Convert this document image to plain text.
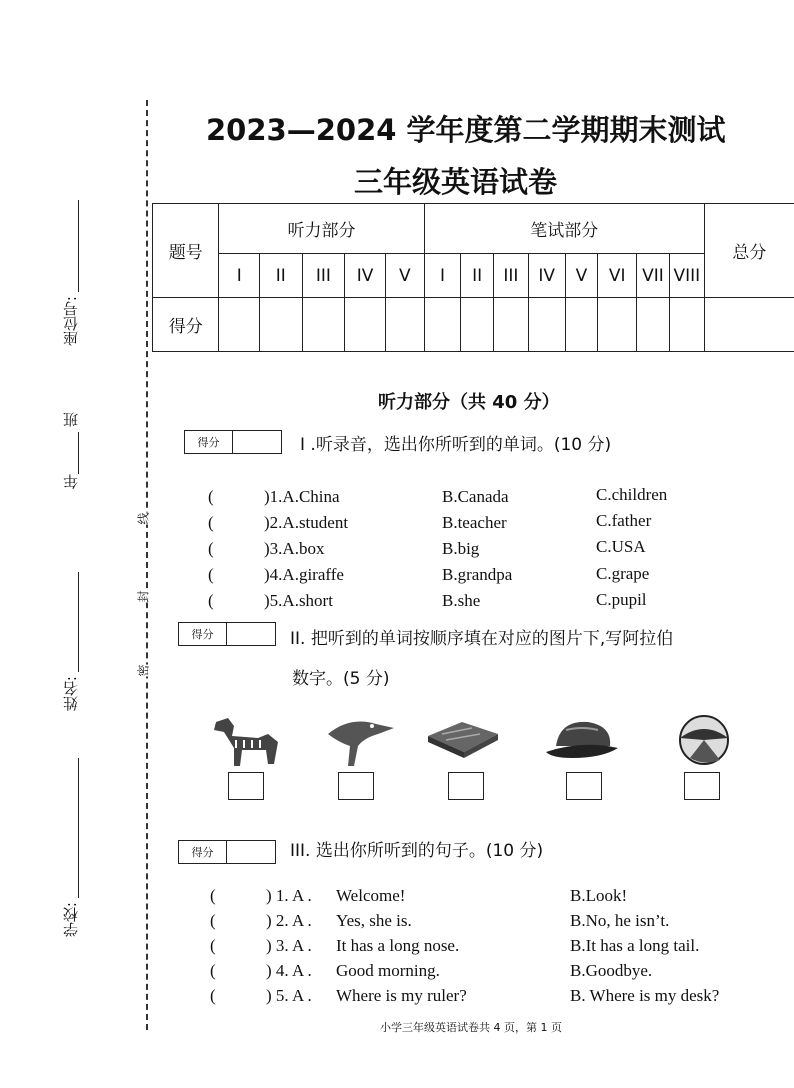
线
封
密
座位号:
班
年
姓名:
学校:
2023—2024 学年度第二学期期末测试
三年级英语试卷
题号	听力部分					笔试部分								总分
	I	II	III	IV	V	I	II	III	IV	V	VI	VII	VIII	
得分														
听力部分（共 40 分）
得分	I .听录音，选出你所听到的单词。(10 分)
(	)1.A.China	B.Canada	C.children
(	)2.A.student	B.teacher	C.father
(	)3.A.box	B.big	C.USA
(	)4.A.giraffe	B.grandpa	C.grape
(	)5.A.short	B.she	C.pupil
得分	II. 把听到的单词按顺序填在对应的图片下,写阿拉伯
数字。(5 分)
得分	III. 选出你所听到的句子。(10 分)
(	) 1. A . Welcome!	B.Look!
(	) 2. A . Yes, she is.	B.No, he isn’t.
(	) 3. A . It has a long nose.	B.It has a long tail.
(	) 4. A . Good morning.	B.Goodbye.
(	) 5. A . Where is my ruler?	B. Where is my desk?
小学三年级英语试卷共 4 页，第 1 页
